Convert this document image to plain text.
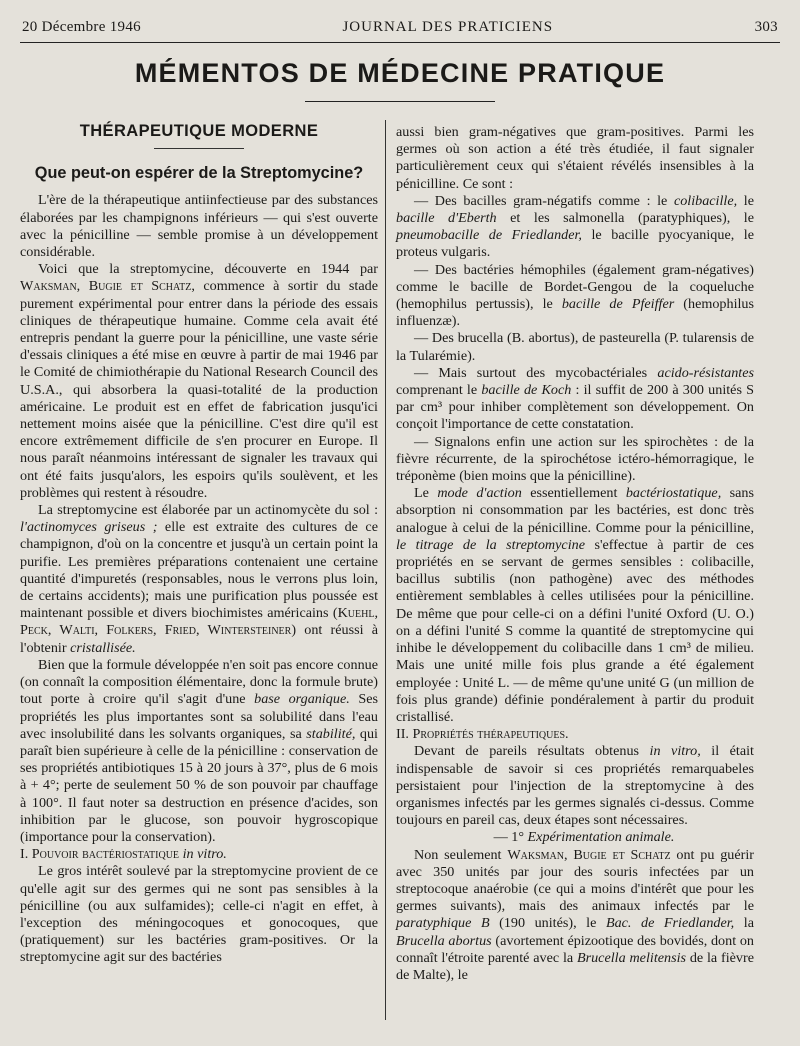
20 Décembre 1946	JOURNAL DES PRATICIENS	303
MÉMENTOS DE MÉDECINE PRATIQUE
THÉRAPEUTIQUE MODERNE
Que peut-on espérer de la Streptomycine?

L'ère de la thérapeutique antiinfectieuse par des substances élaborées par les champignons inférieurs — qui s'est ouverte avec la pénicilline — semble promise à un développement considérable.

Voici que la streptomycine, découverte en 1944 par Waksman, Bugie et Schatz, commence à sortir du stade purement expérimental pour entrer dans la période des essais cliniques de thérapeutique humaine. Comme cela avait été entrepris pendant la guerre pour la pénicilline, une vaste série d'essais cliniques a été mise en œuvre à partir de mai 1946 par le Comité de chimiothérapie du National Research Council des U.S.A., qui absorbera la quasi-totalité de la production américaine. Le produit est en effet de fabrication jusqu'ici nettement moins aisée que la pénicilline. C'est dire qu'il est encore extrêmement difficile de s'en procurer en Europe. Il nous paraît néanmoins intéressant de signaler les travaux qui ont été faits jusqu'alors, les espoirs qu'ils soulèvent, et les problèmes qui restent à résoudre.

La streptomycine est élaborée par un actinomycète du sol : l'actinomyces griseus ; elle est extraite des cultures de ce champignon, d'où on la concentre et jusqu'à un certain point la purifie. Les premières préparations contenaient une certaine quantité d'impuretés (responsables, nous le verrons plus loin, de certains accidents); mais une purification plus poussée est maintenant possible et divers biochimistes américains (Kuehl, Peck, Walti, Folkers, Fried, Wintersteiner) ont réussi à l'obtenir cristallisée.

Bien que la formule développée n'en soit pas encore connue (on connaît la composition élémentaire, donc la formule brute) tout porte à croire qu'il s'agit d'une base organique. Ses propriétés les plus importantes sont sa solubilité dans l'eau avec insolubilité dans les solvants organiques, sa stabilité, qui paraît bien supérieure à celle de la pénicilline : conservation de ses propriétés antibiotiques 15 à 20 jours à 37°, plus de 6 mois à + 4°; perte de seulement 50 % de son pouvoir par chauffage à 100°. Il faut noter sa destruction en présence d'acides, son inhibition par le glucose, son pouvoir hygroscopique (importance pour la conservation).

I. Pouvoir bactériostatique in vitro.

Le gros intérêt soulevé par la streptomycine provient de ce qu'elle agit sur des germes qui ne sont pas sensibles à la pénicilline (ou aux sulfamides); celle-ci n'agit en effet, à l'exception des méningocoques et gonocoques, que (pratiquement) sur les bactéries gram-positives. Or la streptomycine agit sur des bactéries

aussi bien gram-négatives que gram-positives. Parmi les germes où son action a été très étudiée, il faut signaler particulièrement ceux qui s'étaient révélés insensibles à la pénicilline. Ce sont :

— Des bacilles gram-négatifs comme : le colibacille, le bacille d'Eberth et les salmonella (paratyphiques), le pneumobacille de Friedlander, le bacille pyocyanique, le proteus vulgaris.

— Des bactéries hémophiles (également gram-négatives) comme le bacille de Bordet-Gengou de la coqueluche (hemophilus pertussis), le bacille de Pfeiffer (hemophilus influenzæ).

— Des brucella (B. abortus), de pasteurella (P. tularensis de la Tularémie).

— Mais surtout des mycobactériales acido-résistantes comprenant le bacille de Koch : il suffit de 200 à 300 unités S par cm³ pour inhiber complètement son développement. On conçoit l'importance de cette constatation.

— Signalons enfin une action sur les spirochètes : de la fièvre récurrente, de la spirochétose ictéro-hémorragique, le tréponème (bien moins que la pénicilline).

Le mode d'action essentiellement bactériostatique, sans absorption ni consommation par les bactéries, est donc très analogue à celui de la pénicilline. Comme pour la pénicilline, le titrage de la streptomycine s'effectue à partir de ces propriétés en se servant de germes sensibles : colibacille, bacillus subtilis (non pathogène) avec des méthodes entièrement semblables à celles utilisées pour la pénicilline. De même que pour celle-ci on a défini l'unité Oxford (U. O.) on a défini l'unité S comme la quantité de streptomycine qui inhibe le développement du colibacille dans 1 cm³ de milieu. Mais une unité mille fois plus grande a été également employée : Unité L. — de même qu'une unité G (un million de fois plus grande) définie pondéralement à partir du produit cristallisé.

II. Propriétés thérapeutiques.

Devant de pareils résultats obtenus in vitro, il était indispensable de savoir si ces propriétés remarquabeles persistaient pour l'injection de la streptomycine à des organismes infectés par les germes signalés ci-dessus. Comme toujours en pareil cas, deux étapes sont nécessaires.

— 1° Expérimentation animale.

Non seulement Waksman, Bugie et Schatz ont pu guérir avec 350 unités par jour des souris infectées par un streptocoque anaérobie (ce qui a moins d'intérêt que pour les germes suivants), mais des animaux infectés par le paratyphique B (190 unités), le Bac. de Friedlander, la Brucella abortus (avortement épizootique des bovidés, dont on connaît l'étroite parenté avec la Brucella melitensis de la fièvre de Malte), le
